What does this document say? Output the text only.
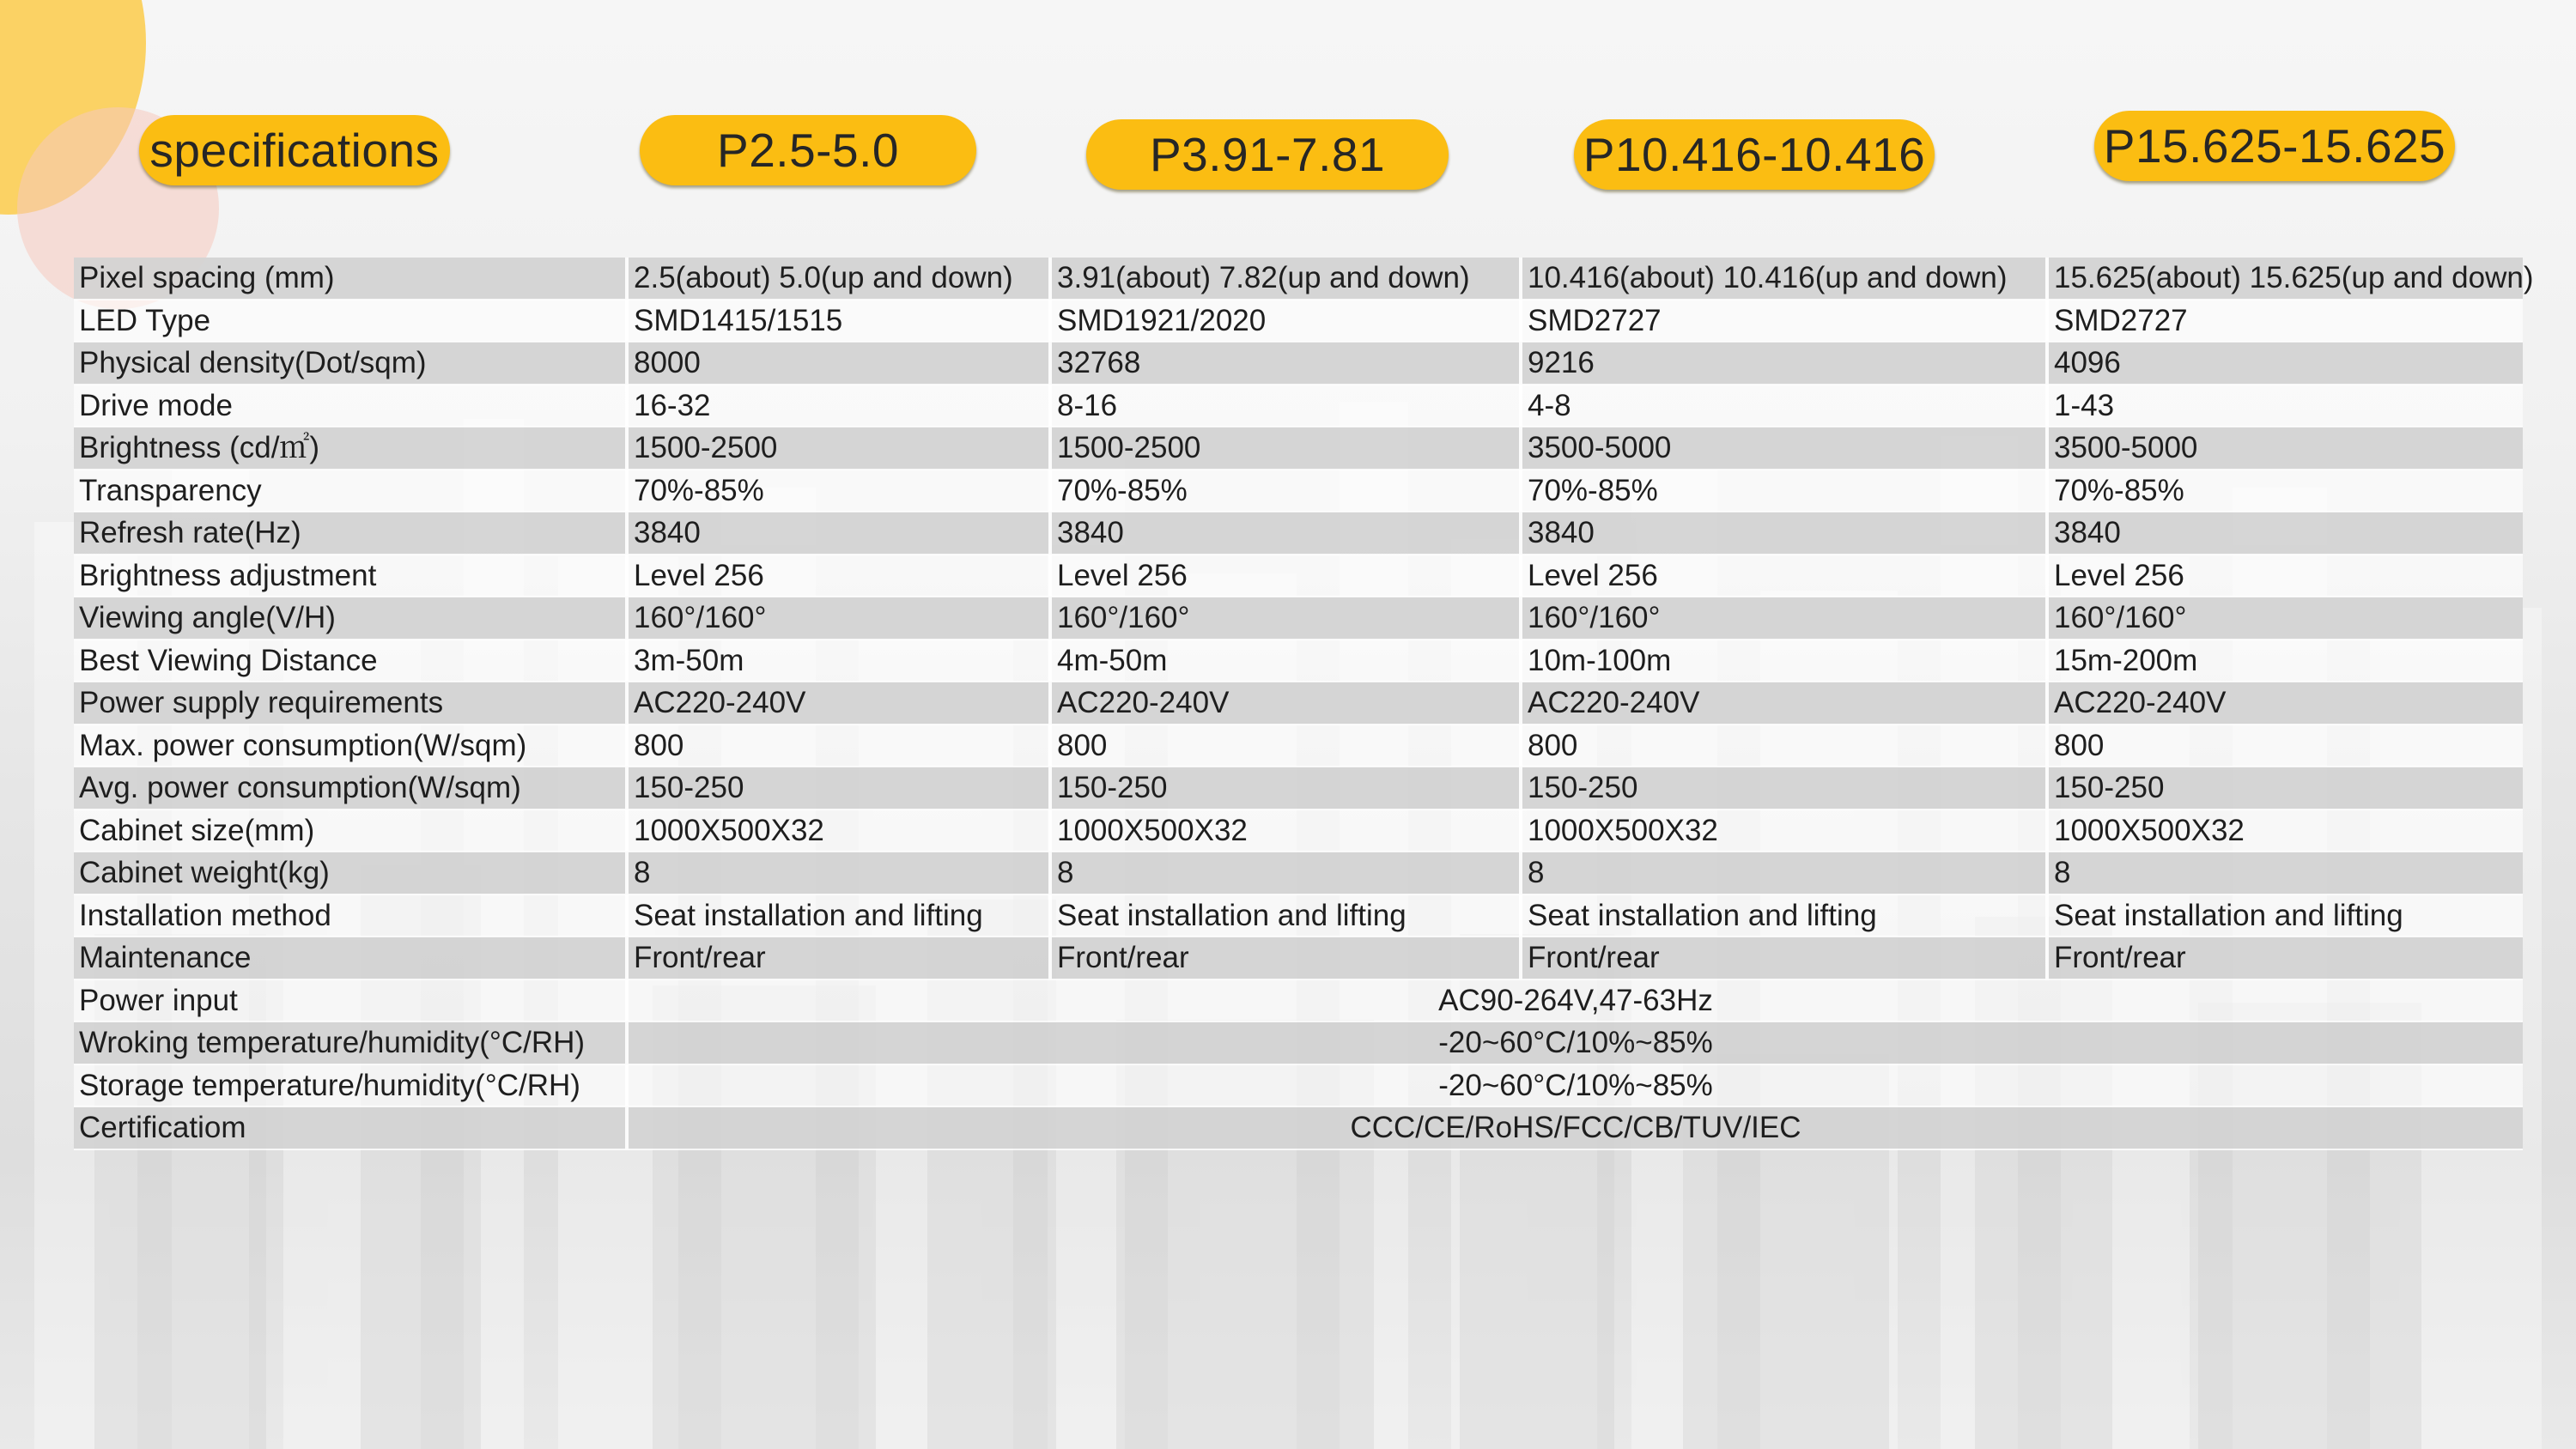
specifications	P2.5-5.0	P3.91-7.81	P10.416-10.416	P15.625-15.625
Pixel spacing (mm)	2.5(about) 5.0(up and down)	3.91(about) 7.82(up and down)	10.416(about) 10.416(up and down)	15.625(about) 15.625(up and down)
LED Type	SMD1415/1515	SMD1921/2020	SMD2727	SMD2727
Physical density(Dot/sqm)	8000	32768	9216	4096
Drive mode	16-32	8-16	4-8	1-43
Brightness (cd/㎡)	1500-2500	1500-2500	3500-5000	3500-5000
Transparency	70%-85%	70%-85%	70%-85%	70%-85%
Refresh rate(Hz)	3840	3840	3840	3840
Brightness adjustment	Level 256	Level 256	Level 256	Level 256
Viewing angle(V/H)	160°/160°	160°/160°	160°/160°	160°/160°
Best Viewing Distance	3m-50m	4m-50m	10m-100m	15m-200m
Power supply requirements	AC220-240V	AC220-240V	AC220-240V	AC220-240V
Max. power consumption(W/sqm)	800	800	800	800
Avg. power consumption(W/sqm)	150-250	150-250	150-250	150-250
Cabinet size(mm)	1000X500X32	1000X500X32	1000X500X32	1000X500X32
Cabinet weight(kg)	8	8	8	8
Installation method	Seat installation and lifting	Seat installation and lifting	Seat installation and lifting	Seat installation and lifting
Maintenance	Front/rear	Front/rear	Front/rear	Front/rear
Power input	AC90-264V,47-63Hz			
Wroking temperature/humidity(°C/RH)	-20~60°C/10%~85%			
Storage temperature/humidity(°C/RH)	-20~60°C/10%~85%			
Certificatiom	CCC/CE/RoHS/FCC/CB/TUV/IEC			
